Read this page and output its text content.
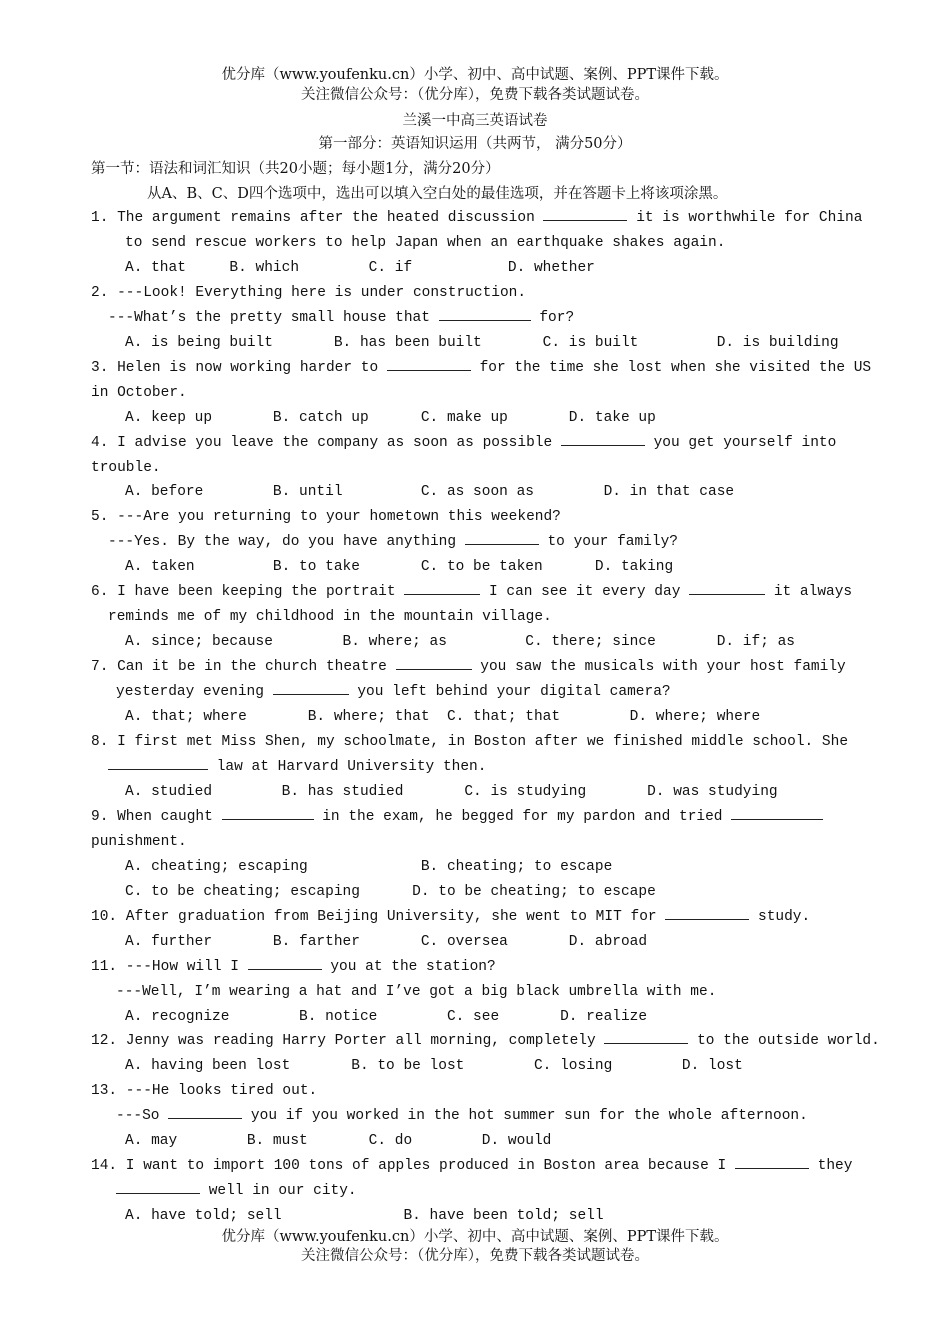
优分库（www.youfenku.cn）小学、初中、高中试题、案例、PPT课件下载。
关注微信公众号：（优分库），免费下载各类试题试卷。
兰溪一中高三英语试卷
第一部分：英语知识运用（共两节， 满分50分）
第一节：语法和词汇知识（共20小题；每小题1分，满分20分）
从A、B、C、D四个选项中，选出可以填入空白处的最佳选项，并在答题卡上将该项涂黑。
1. The argument remains after the heated discussion	it is worthwhile for China
to send rescue workers to help Japan when an earthquake shakes again.
A. that     B. which        C. if           D. whether
2. ---Look! Everything here is under construction.
---What’s the pretty small house that	for?
A. is being built       B. has been built       C. is built         D. is building
3. Helen is now working harder to	for the time she lost when she visited the US
in October.
A. keep up       B. catch up      C. make up       D. take up
4. I advise you leave the company as soon as possible	you get yourself into
trouble.
A. before        B. until         C. as soon as        D. in that case
5. ---Are you returning to your hometown this weekend?
---Yes. By the way, do you have anything	to your family?
A. taken         B. to take       C. to be taken      D. taking
6. I have been keeping the portrait	I can see it every day	it always
reminds me of my childhood in the mountain village.
A. since; because        B. where; as         C. there; since       D. if; as
7. Can it be in the church theatre	you saw the musicals with your host family
yesterday evening	you left behind your digital camera?
A. that; where       B. where; that  C. that; that        D. where; where
8. I first met Miss Shen, my schoolmate, in Boston after we finished middle school. She
law at Harvard University then.
A. studied        B. has studied       C. is studying       D. was studying
9. When caught	in the exam, he begged for my pardon and tried
punishment.
A. cheating; escaping             B. cheating; to escape
C. to be cheating; escaping      D. to be cheating; to escape
10. After graduation from Beijing University, she went to MIT for	study.
A. further       B. farther       C. oversea       D. abroad
11. ---How will I	you at the station?
---Well, I’m wearing a hat and I’ve got a big black umbrella with me.
A. recognize        B. notice        C. see       D. realize
12. Jenny was reading Harry Porter all morning, completely	to the outside world.
A. having been lost       B. to be lost        C. losing        D. lost
13. ---He looks tired out.
---So	you if you worked in the hot summer sun for the whole afternoon.
A. may        B. must       C. do        D. would
14. I want to import 100 tons of apples produced in Boston area because I	they
well in our city.
A. have told; sell              B. have been told; sell
优分库（www.youfenku.cn）小学、初中、高中试题、案例、PPT课件下载。
关注微信公众号：（优分库），免费下载各类试题试卷。
